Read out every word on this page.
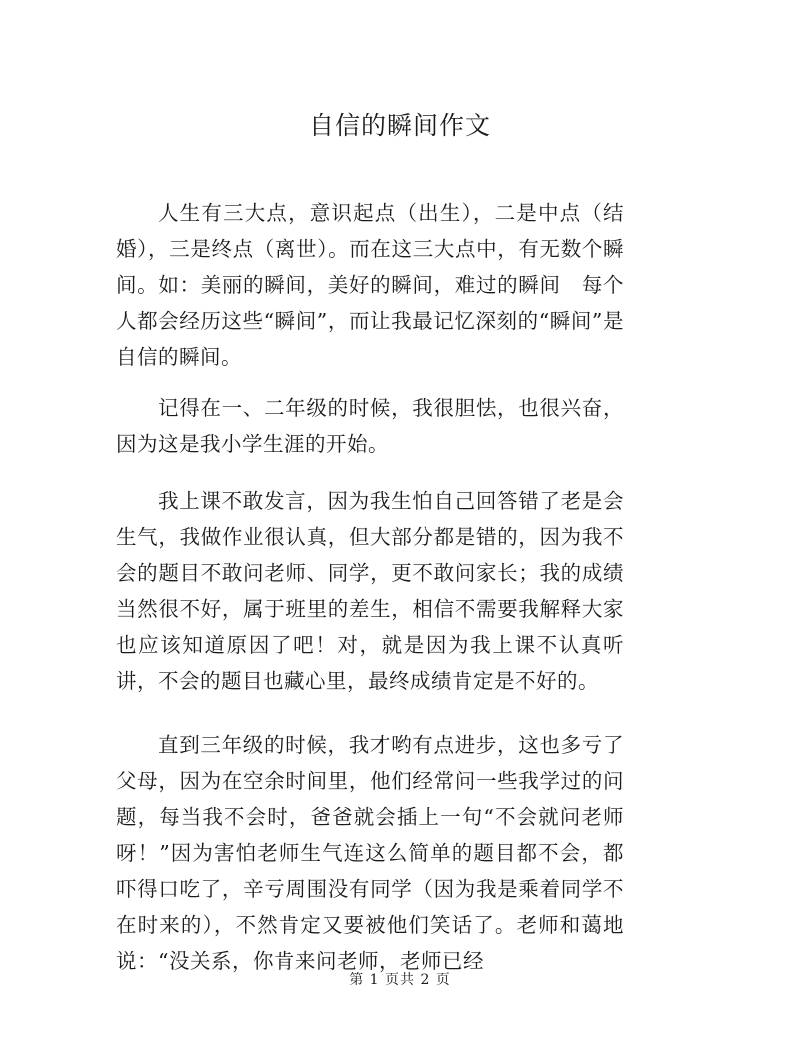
自信的瞬间作文

人生有三大点，意识起点（出生），二是中点（结婚），三是终点（离世）。而在这三大点中，有无数个瞬间。如：美丽的瞬间，美好的瞬间，难过的瞬间　每个人都会经历这些“瞬间”，而让我最记忆深刻的“瞬间”是自信的瞬间。

记得在一、二年级的时候，我很胆怯，也很兴奋，因为这是我小学生涯的开始。

我上课不敢发言，因为我生怕自己回答错了老是会生气，我做作业很认真，但大部分都是错的，因为我不会的题目不敢问老师、同学，更不敢问家长；我的成绩当然很不好，属于班里的差生，相信不需要我解释大家也应该知道原因了吧！对，就是因为我上课不认真听讲，不会的题目也藏心里，最终成绩肯定是不好的。

直到三年级的时候，我才哟有点进步，这也多亏了父母，因为在空余时间里，他们经常问一些我学过的问题，每当我不会时，爸爸就会插上一句“不会就问老师呀！”因为害怕老师生气连这么简单的题目都不会，都吓得口吃了，辛亏周围没有同学（因为我是乘着同学不在时来的），不然肯定又要被他们笑话了。老师和蔼地说：“没关系，你肯来问老师，老师已经

第 1 页共 2 页
